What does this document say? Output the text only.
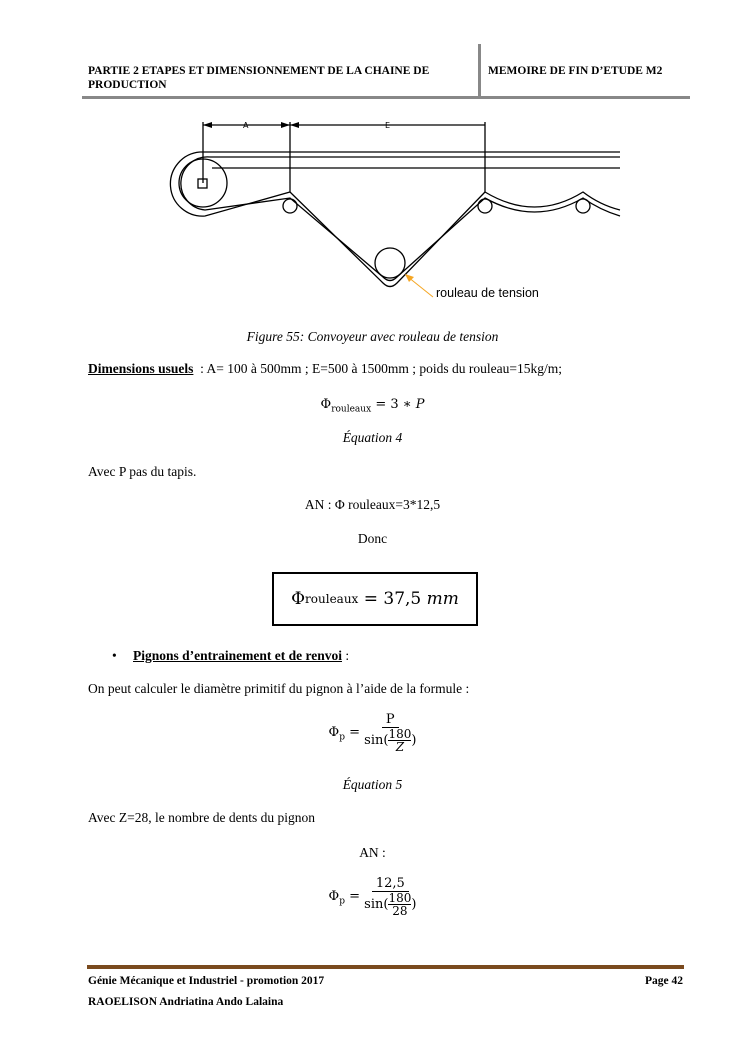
PARTIE 2 ETAPES ET DIMENSIONNEMENT DE LA CHAINE DE PRODUCTION
MEMOIRE DE FIN D’ETUDE M2
A	E
rouleau de tension
Figure 55: Convoyeur avec rouleau de tension
Dimensions usuels  : A= 100 à 500mm ; E=500 à 1500mm ; poids du rouleau=15kg/m;
$\Phi_{rouleaux} = 3$ ∗ P
Équation 4
Avec P pas du tapis.
AN : Φ rouleaux=3*12,5
Donc
Φ rouleaux
= 37,5
mm
• Pignons d’entrainement et de renvoi :
On peut calculer le diamètre primitif du pignon à l’aide de la formule :
$\Phi_p = \frac{P}{\sin( \frac{180}{Z} )}$
Équation 5
Avec Z=28, le nombre de dents du pignon
AN :
$\Phi_p = \frac{12,5}{\sin( \frac{180}{28} )}$
Génie Mécanique et Industriel - promotion 2017	Page 42
RAOELISON Andriatina Ando Lalaina
